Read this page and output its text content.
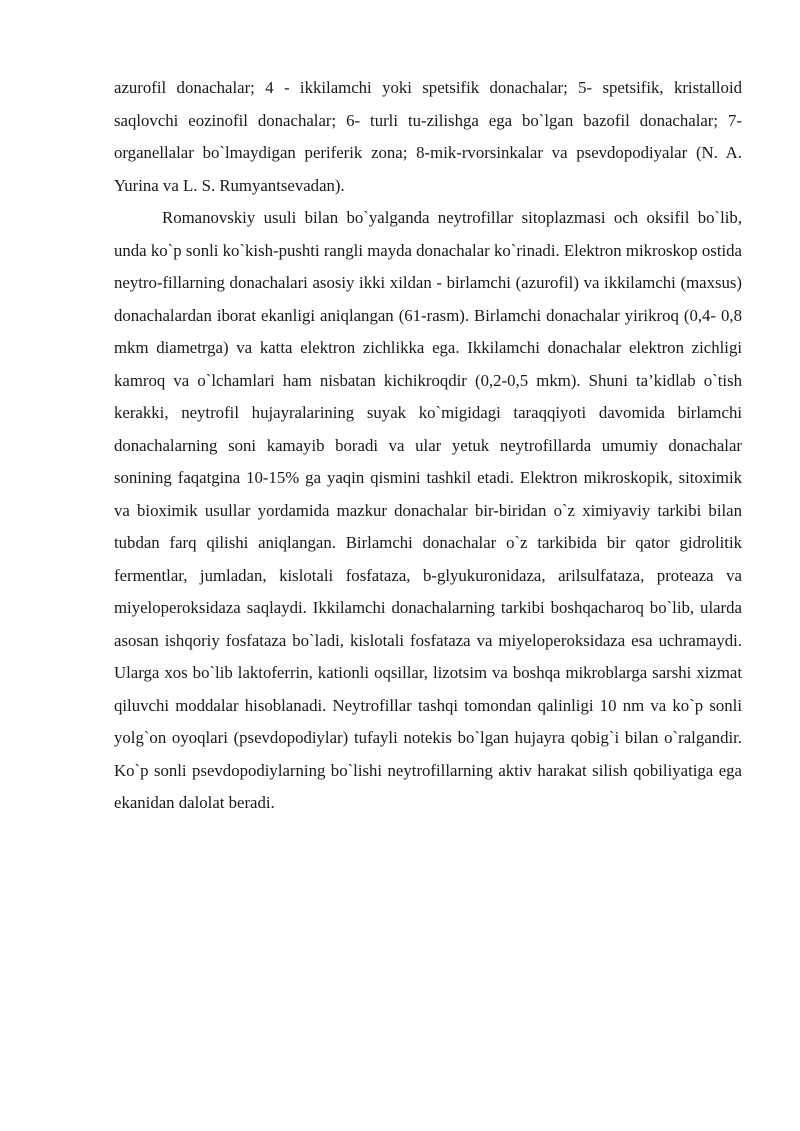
azurofil donachalar; 4 - ikkilamchi yoki spetsifik donachalar; 5- spetsifik, kristalloid saqlovchi eozinofil donachalar; 6- turli tu-zilishga ega bo`lgan bazofil donachalar; 7-organellalar bo`lmaydigan periferik zona; 8-mik-rvorsinkalar va psevdopodiyalar (N. A. Yurina va L. S. Rumyantsevadan).

Romanovskiy usuli bilan bo`yalganda neytrofillar sitoplazmasi och oksifil bo`lib, unda ko`p sonli ko`kish-pushti rangli mayda donachalar ko`rinadi. Elektron mikroskop ostida neytro-fillarning donachalari asosiy ikki xildan - birlamchi (azurofil) va ikkilamchi (maxsus) donachalardan iborat ekanligi aniqlangan (61-rasm). Birlamchi donachalar yirikroq (0,4- 0,8 mkm diametrga) va katta elektron zichlikka ega. Ikkilamchi donachalar elektron zichligi kamroq va o`lchamlari ham nisbatan kichikroqdir (0,2-0,5 mkm). Shuni ta’kidlab o`tish kerakki, neytrofil hujayralarining suyak ko`migidagi taraqqiyoti davomida birlamchi donachalarning soni kamayib boradi va ular yetuk neytrofillarda umumiy donachalar sonining faqatgina 10-15% ga yaqin qismini tashkil etadi. Elektron mikroskopik, sitoximik va bioximik usullar yordamida mazkur donachalar bir-biridan o`z ximiyaviy tarkibi bilan tubdan farq qilishi aniqlangan. Birlamchi donachalar o`z tarkibida bir qator gidrolitik fermentlar, jumladan, kislotali fosfataza, b-glyukuronidaza, arilsulfataza, proteaza va miyeloperoksidaza saqlaydi. Ikkilamchi donachalarning tarkibi boshqacharoq bo`lib, ularda asosan ishqoriy fosfataza bo`ladi, kislotali fosfataza va miyeloperoksidaza esa uchramaydi. Ularga xos bo`lib laktoferrin, kationli oqsillar, lizotsim va boshqa mikroblarga sarshi xizmat qiluvchi moddalar hisoblanadi. Neytrofillar tashqi tomondan qalinligi 10 nm va ko`p sonli yolg`on oyoqlari (psevdopodiylar) tufayli notekis bo`lgan hujayra qobig`i bilan o`ralgandir. Ko`p sonli psevdopodiylarning bo`lishi neytrofillarning aktiv harakat silish qobiliyatiga ega ekanidan dalolat beradi.
